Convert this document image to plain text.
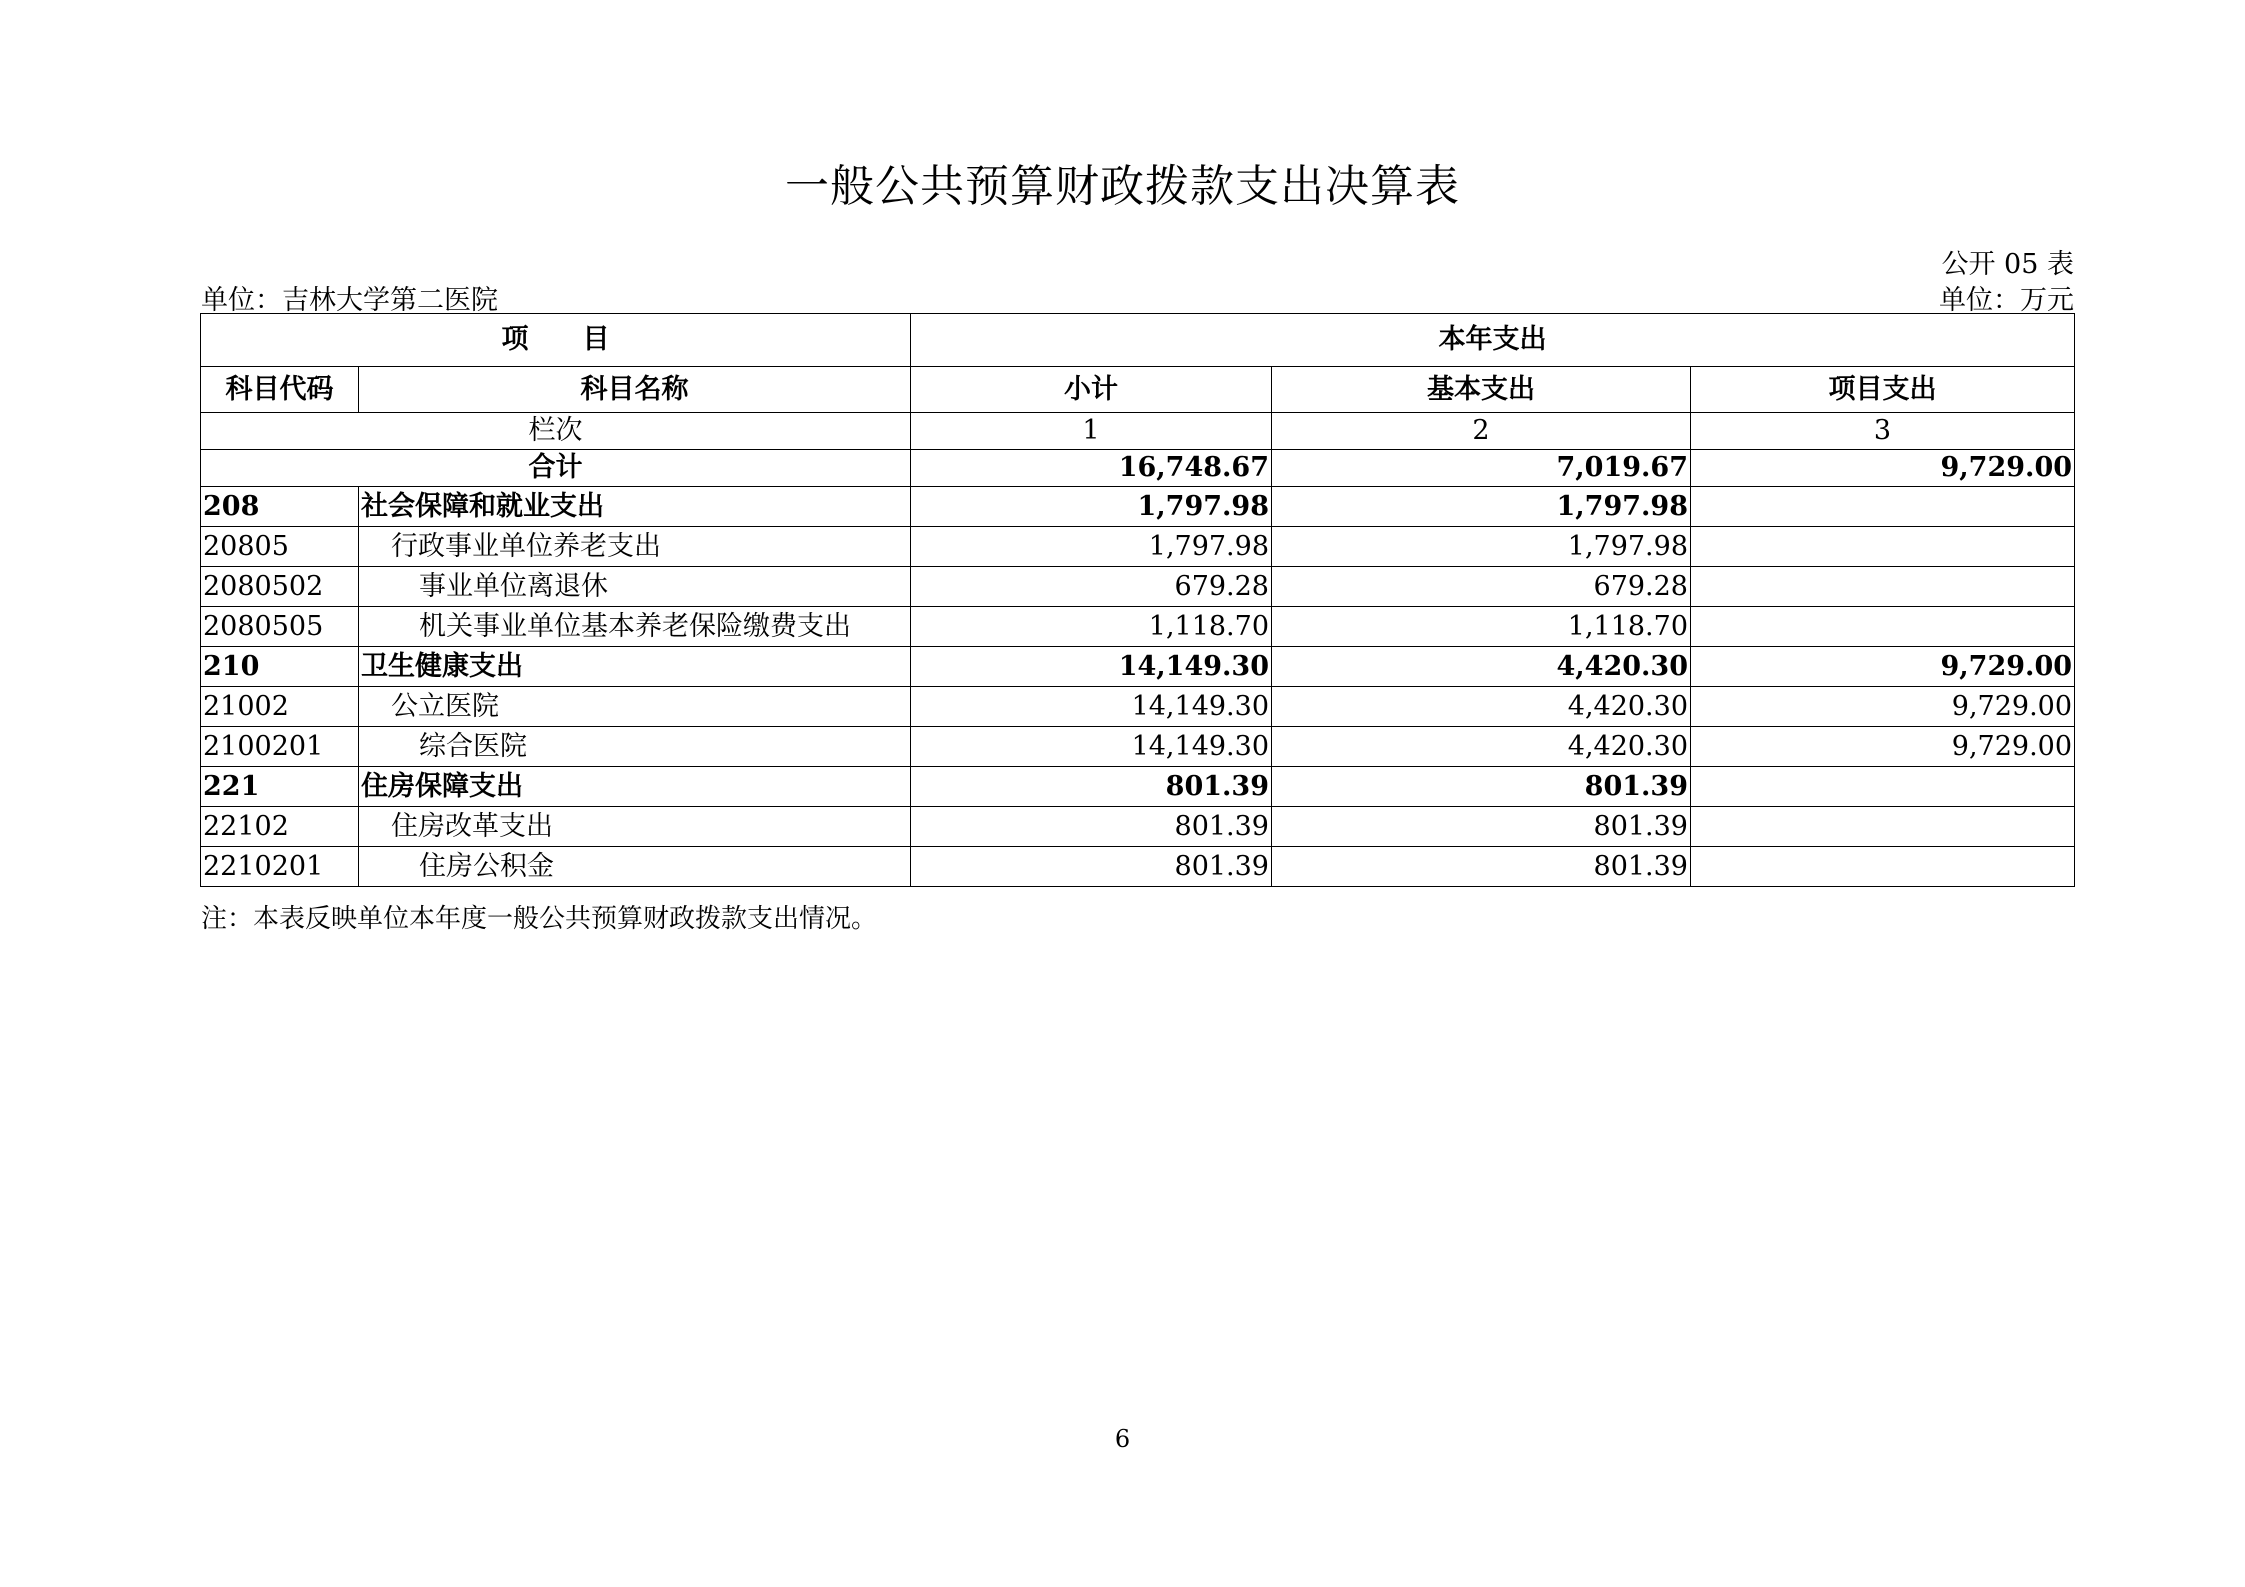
一般公共预算财政拨款支出决算表
公开 05 表
单位：吉林大学第二医院	单位：万元
项　　目		本年支出		
科目代码	科目名称	小计	基本支出	项目支出
栏次		1	2	3
合计		16,748.67	7,019.67	9,729.00
208	社会保障和就业支出	1,797.98	1,797.98	
20805	行政事业单位养老支出	1,797.98	1,797.98	
2080502	事业单位离退休	679.28	679.28	
2080505	机关事业单位基本养老保险缴费支出	1,118.70	1,118.70	
210	卫生健康支出	14,149.30	4,420.30	9,729.00
21002	公立医院	14,149.30	4,420.30	9,729.00
2100201	综合医院	14,149.30	4,420.30	9,729.00
221	住房保障支出	801.39	801.39	
22102	住房改革支出	801.39	801.39	
2210201	住房公积金	801.39	801.39	
注：本表反映单位本年度一般公共预算财政拨款支出情况。
6
